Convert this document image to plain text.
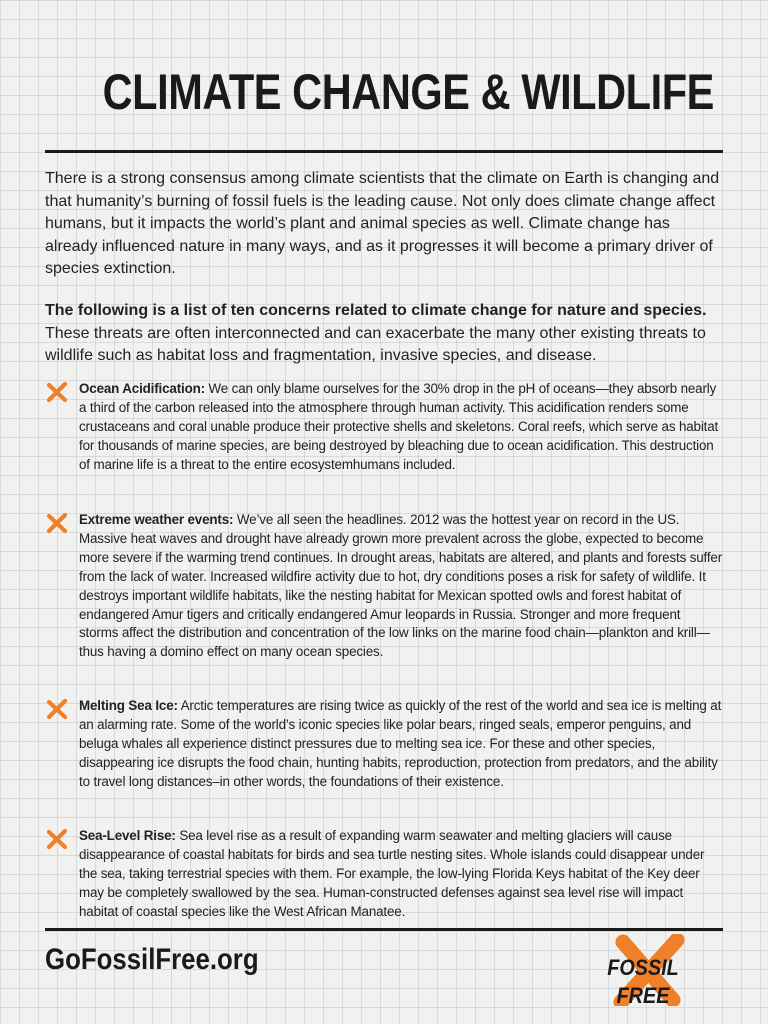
CLIMATE CHANGE & WILDLIFE

There is a strong consensus among climate scientists that the climate on Earth is changing and that humanity’s burning of fossil fuels is the leading cause. Not only does climate change affect humans, but it impacts the world’s plant and animal species as well. Climate change has already influenced nature in many ways, and as it progresses it will become a primary driver of species extinction.

The following is a list of ten concerns related to climate change for nature and species. These threats are often interconnected and can exacerbate the many other existing threats to wildlife such as habitat loss and fragmentation, invasive species, and disease.

Ocean Acidification: We can only blame ourselves for the 30% drop in the pH of oceans—they absorb nearly a third of the carbon released into the atmosphere through human activity. This acidification renders some crustaceans and coral unable produce their protective shells and skeletons. Coral reefs, which serve as habitat for thousands of marine species, are being destroyed by bleaching due to ocean acidification. This destruction of marine life is a threat to the entire ecosystemhumans included.

Extreme weather events: We’ve all seen the headlines. 2012 was the hottest year on record in the US. Massive heat waves and drought have already grown more prevalent across the globe, expected to become more severe if the warming trend continues. In drought areas, habitats are altered, and plants and forests suffer from the lack of water. Increased wildfire activity due to hot, dry conditions poses a risk for safety of wildlife. It destroys important wildlife habitats, like the nesting habitat for Mexican spotted owls and forest habitat of endangered Amur tigers and critically endangered Amur leopards in Russia. Stronger and more frequent storms affect the distribution and concentration of the low links on the marine food chain—plankton and krill—thus having a domino effect on many ocean species.

Melting Sea Ice: Arctic temperatures are rising twice as quickly of the rest of the world and sea ice is melting at an alarming rate. Some of the world’s iconic species like polar bears, ringed seals, emperor penguins, and beluga whales all experience distinct pressures due to melting sea ice. For these and other species, disappearing ice disrupts the food chain, hunting habits, reproduction, protection from predators, and the ability to travel long distances–in other words, the foundations of their existence.

Sea-Level Rise: Sea level rise as a result of expanding warm seawater and melting glaciers will cause disappearance of coastal habitats for birds and sea turtle nesting sites. Whole islands could disappear under the sea, taking terrestrial species with them. For example, the low-lying Florida Keys habitat of the Key deer may be completely swallowed by the sea. Human-constructed defenses against sea level rise will impact habitat of coastal species like the West African Manatee.

GoFossilFree.org	FOSSIL FREE
